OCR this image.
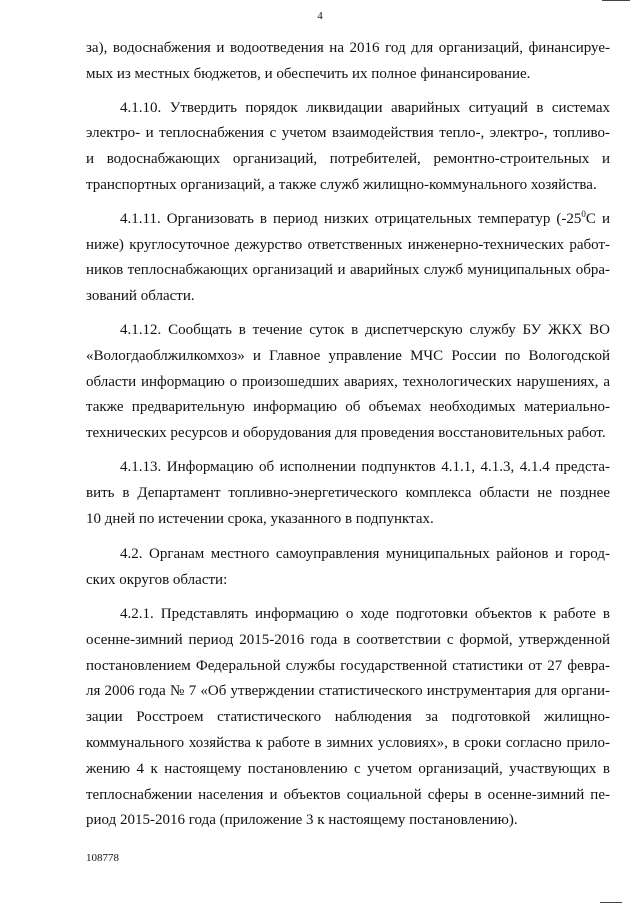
4
за), водоснабжения и водоотведения на 2016 год для организаций, финансируе-
мых из местных бюджетов, и обеспечить их полное финансирование.
4.1.10. Утвердить порядок ликвидации аварийных ситуаций в системах
электро- и теплоснабжения с учетом взаимодействия тепло-, электро-, топливо-
и водоснабжающих организаций, потребителей, ремонтно-строительных и
транспортных организаций, а также служб жилищно-коммунального хозяйства.
4.1.11. Организовать в период низких отрицательных температур ($-25^0С$ и
ниже) круглосуточное дежурство ответственных инженерно-технических работ-
ников теплоснабжающих организаций и аварийных служб муниципальных обра-
зований области.
4.1.12. Сообщать в течение суток в диспетчерскую службу БУ ЖКХ ВО
«Вологдаоблжилкомхоз» и Главное управление МЧС России по Вологодской
области информацию о произошедших авариях, технологических нарушениях, а
также предварительную информацию об объемах необходимых материально-
технических ресурсов и оборудования для проведения восстановительных работ.
4.1.13. Информацию об исполнении подпунктов 4.1.1, 4.1.3, 4.1.4 предста-
вить в Департамент топливно-энергетического комплекса области не позднее
10 дней по истечении срока, указанного в подпунктах.
4.2. Органам местного самоуправления муниципальных районов и город-
ских округов области:
4.2.1. Представлять информацию о ходе подготовки объектов к работе в
осенне-зимний период 2015-2016 года в соответствии с формой, утвержденной
постановлением Федеральной службы государственной статистики от 27 февра-
ля 2006 года № 7 «Об утверждении статистического инструментария для органи-
зации Росстроем статистического наблюдения за подготовкой жилищно-
коммунального хозяйства к работе в зимних условиях», в сроки согласно прило-
жению 4 к настоящему постановлению с учетом организаций, участвующих в
теплоснабжении населения и объектов социальной сферы в осенне-зимний пе-
риод 2015-2016 года (приложение 3 к настоящему постановлению).
108778
